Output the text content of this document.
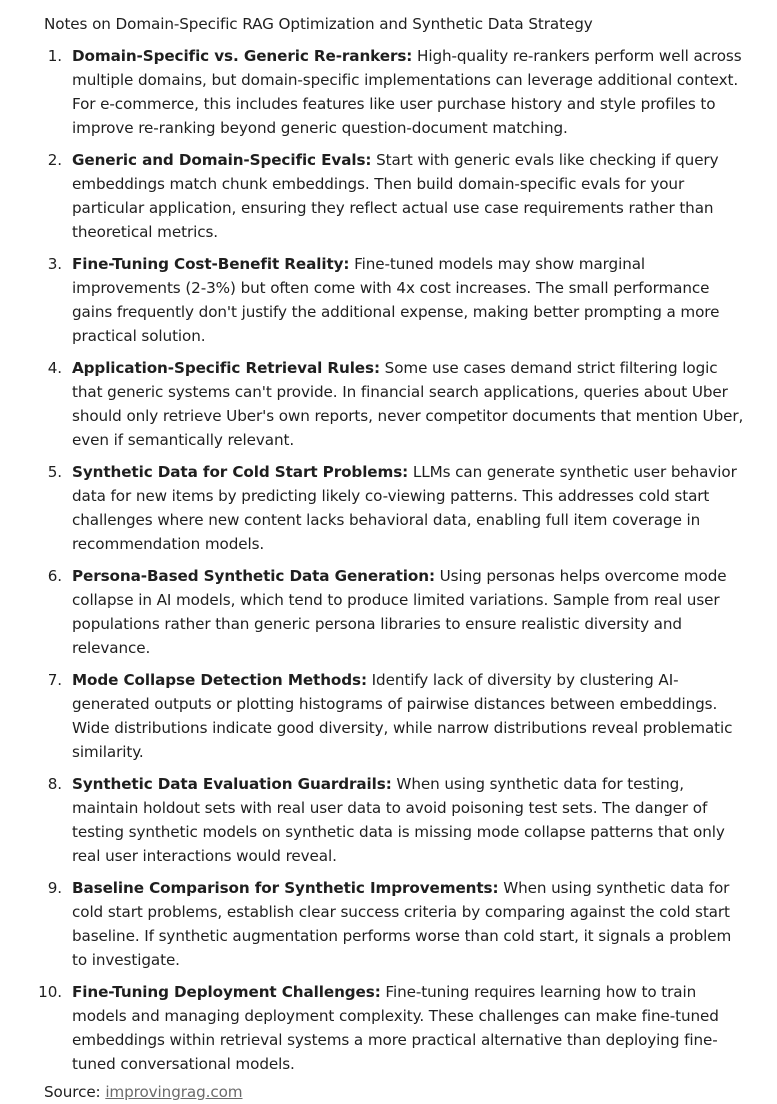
Notes on Domain-Specific RAG Optimization and Synthetic Data Strategy
1. Domain-Specific vs. Generic Re-rankers: High-quality re-rankers perform well across multiple domains, but domain-specific implementations can leverage additional context. For e-commerce, this includes features like user purchase history and style profiles to improve re-ranking beyond generic question-document matching.
2. Generic and Domain-Specific Evals: Start with generic evals like checking if query embeddings match chunk embeddings. Then build domain-specific evals for your particular application, ensuring they reflect actual use case requirements rather than theoretical metrics.
3. Fine-Tuning Cost-Benefit Reality: Fine-tuned models may show marginal improvements (2-3%) but often come with 4x cost increases. The small performance gains frequently don't justify the additional expense, making better prompting a more practical solution.
4. Application-Specific Retrieval Rules: Some use cases demand strict filtering logic that generic systems can't provide. In financial search applications, queries about Uber should only retrieve Uber's own reports, never competitor documents that mention Uber, even if semantically relevant.
5. Synthetic Data for Cold Start Problems: LLMs can generate synthetic user behavior data for new items by predicting likely co-viewing patterns. This addresses cold start challenges where new content lacks behavioral data, enabling full item coverage in recommendation models.
6. Persona-Based Synthetic Data Generation: Using personas helps overcome mode collapse in AI models, which tend to produce limited variations. Sample from real user populations rather than generic persona libraries to ensure realistic diversity and relevance.
7. Mode Collapse Detection Methods: Identify lack of diversity by clustering AI-generated outputs or plotting histograms of pairwise distances between embeddings. Wide distributions indicate good diversity, while narrow distributions reveal problematic similarity.
8. Synthetic Data Evaluation Guardrails: When using synthetic data for testing, maintain holdout sets with real user data to avoid poisoning test sets. The danger of testing synthetic models on synthetic data is missing mode collapse patterns that only real user interactions would reveal.
9. Baseline Comparison for Synthetic Improvements: When using synthetic data for cold start problems, establish clear success criteria by comparing against the cold start baseline. If synthetic augmentation performs worse than cold start, it signals a problem to investigate.
10. Fine-Tuning Deployment Challenges: Fine-tuning requires learning how to train models and managing deployment complexity. These challenges can make fine-tuned embeddings within retrieval systems a more practical alternative than deploying fine-tuned conversational models.
Source: improvingrag.com
